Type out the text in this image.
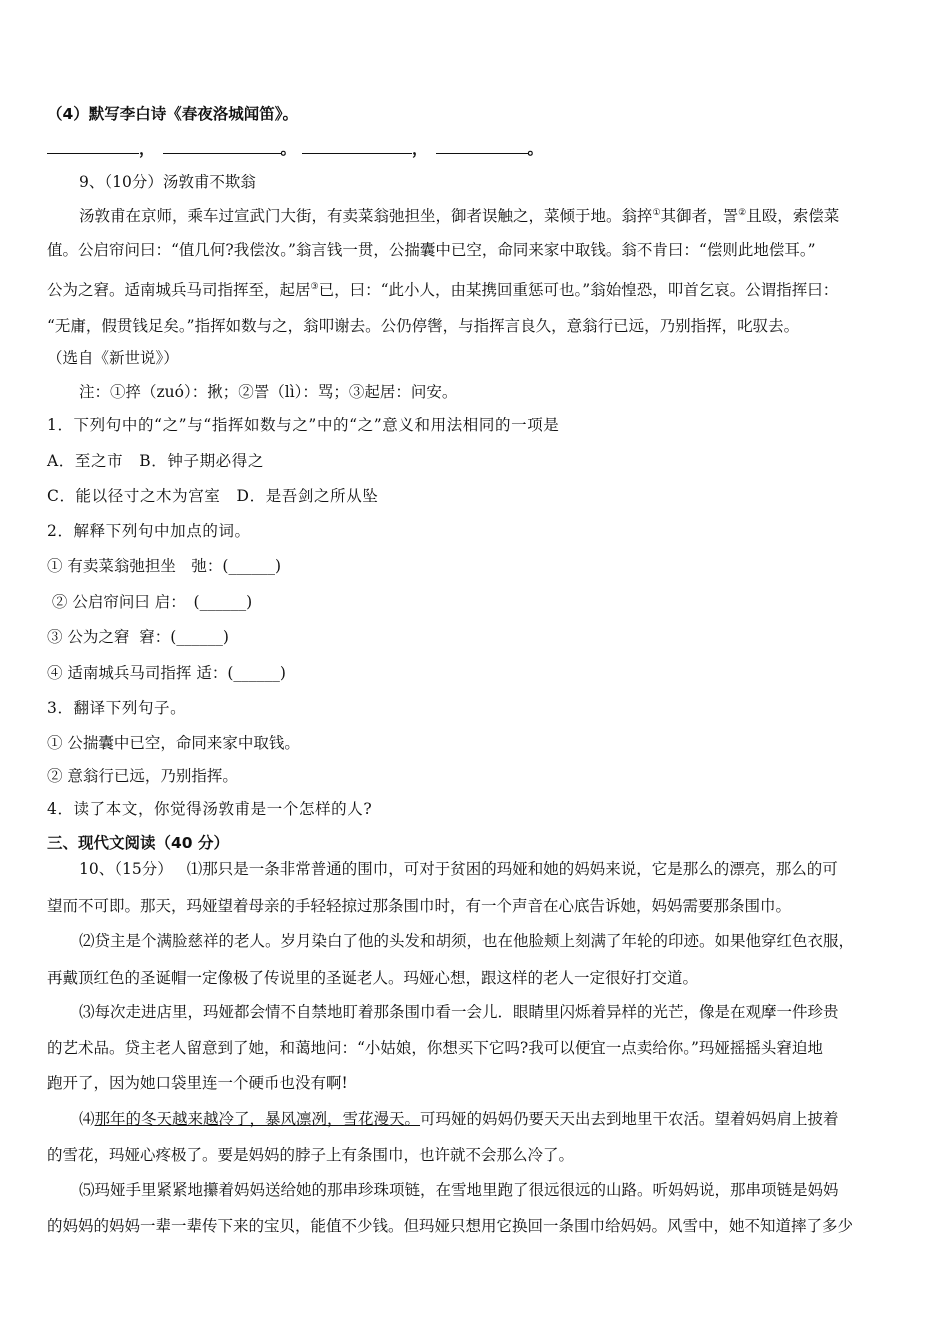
（4）默写李白诗《春夜洛城闻笛》。
，	。	，	。
9、（10分）汤敦甫不欺翁
汤敦甫在京师，乘车过宣武门大街，有卖菜翁弛担坐，御者误触之，菜倾于地。翁捽①其御者，詈②且殴，索偿菜
值。公启帘问曰：“值几何?我偿汝。”翁言钱一贯，公揣囊中已空，命同来家中取钱。翁不肯曰：“偿则此地偿耳。”
公为之窘。适南城兵马司指挥至，起居③已，曰：“此小人，由某携回重惩可也。”翁始惶恐，叩首乞哀。公谓指挥曰：
“无庸，假贯钱足矣。”指挥如数与之，翁叩谢去。公仍停辔，与指挥言良久，意翁行已远，乃别指挥，叱驭去。
（选自《新世说》）
注：①捽（zuó）：揪；②詈（lì）：骂；③起居：问安。
1．下列句中的“之”与“指挥如数与之”中的“之”意义和用法相同的一项是
A．至之市　B．钟子期必得之
C．能以径寸之木为宫室　D．是吾剑之所从坠
2．解释下列句中加点的词。
① 有卖菜翁弛担坐　弛：(______)
② 公启帘问曰 启：　(______)
③ 公为之窘  窘：(______)
④ 适南城兵马司指挥 适：(______)
3．翻译下列句子。
① 公揣囊中已空，命同来家中取钱。
② 意翁行已远，乃别指挥。
4．读了本文，你觉得汤敦甫是一个怎样的人?
三、现代文阅读（40 分）
10、（15分） ⑴那只是一条非常普通的围巾，可对于贫困的玛娅和她的妈妈来说，它是那么的漂亮，那么的可
望而不可即。那天，玛娅望着母亲的手轻轻掠过那条围巾时，有一个声音在心底告诉她，妈妈需要那条围巾。
⑵贷主是个满脸慈祥的老人。岁月染白了他的头发和胡须，也在他脸颊上刻满了年轮的印迹。如果他穿红色衣服，
再戴顶红色的圣诞帽一定像极了传说里的圣诞老人。玛娅心想，跟这样的老人一定很好打交道。
⑶每次走进店里，玛娅都会情不自禁地盯着那条围巾看一会儿．眼睛里闪烁着异样的光芒，像是在观摩一件珍贵
的艺术品。贷主老人留意到了她，和蔼地问：“小姑娘，你想买下它吗?我可以便宜一点卖给你。”玛娅摇摇头窘迫地
跑开了，因为她口袋里连一个硬币也没有啊!
⑷那年的冬天越来越冷了，暴风凛冽，雪花漫天。可玛娅的妈妈仍要天天出去到地里干农活。望着妈妈肩上披着
的雪花，玛娅心疼极了。要是妈妈的脖子上有条围巾，也许就不会那么冷了。
⑸玛娅手里紧紧地攥着妈妈送给她的那串珍珠项链，在雪地里跑了很远很远的山路。听妈妈说，那串项链是妈妈
的妈妈的妈妈一辈一辈传下来的宝贝，能值不少钱。但玛娅只想用它换回一条围巾给妈妈。风雪中，她不知道摔了多少
